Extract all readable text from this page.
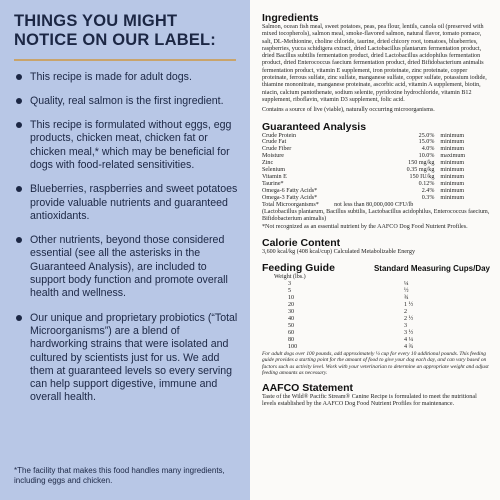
THINGS YOU MIGHT
NOTICE ON OUR LABEL:
This recipe is made for adult dogs.
Quality, real salmon is the first ingredient.
This recipe is formulated without eggs, egg products, chicken meat, chicken fat or chicken meal,* which may be beneficial for dogs with food-related sensitivities.
Blueberries, raspberries and sweet potatoes provide valuable nutrients and guaranteed antioxidants.
Other nutrients, beyond those considered essential (see all the asterisks in the Guaranteed Analysis), are included to support body function and promote overall health and wellness.
Our unique and proprietary probiotics (“Total Microorganisms”) are a blend of hardworking strains that were isolated and cultured by scientists just for us. We add them at guaranteed levels so every serving can help support digestive, immune and overall health.
*The facility that makes this food handles many ingredients, including eggs and chicken.
Ingredients
Salmon, ocean fish meal, sweet potatoes, peas, pea flour, lentils, canola oil (preserved with mixed tocopherols), salmon meal, smoke-flavored salmon, natural flavor, tomato pomace, salt, DL-Methionine, choline chloride, taurine, dried chicory root, tomatoes, blueberries, raspberries, yucca schidigera extract, dried Lactobacillus plantarum fermentation product, dried Bacillus subtilis fermentation product, dried Lactobacillus acidophilus fermentation product, dried Enterococcus faecium fermentation product, dried Bifidobacterium animalis fermentation product, vitamin E supplement, iron proteinate, zinc proteinate, copper proteinate, ferrous sulfate, zinc sulfate, manganese sulfate, copper sulfate, potassium iodide, thiamine mononitrate, manganese proteinate, ascorbic acid, vitamin A supplement, biotin, niacin, calcium pantothenate, sodium selenite, pyridoxine hydrochloride, vitamin B12 supplement, riboflavin, vitamin D3 supplement, folic acid.
Contains a source of live (viable), naturally occurring microorganisms.
Guaranteed Analysis
Crude Protein	25.0%	minimum
Crude Fat	15.0%	minimum
Crude Fiber	4.0%	minimum
Moisture	10.0%	maximum
Zinc	150 mg/kg	minimum
Selenium	0.35 mg/kg	minimum
Vitamin E	150 IU/kg	minimum
Taurine*	0.12%	minimum
Omega-6 Fatty Acids*	2.4%	minimum
Omega-3 Fatty Acids*	0.3%	minimum
Total Microorganisms*          not less than 80,000,000 CFU/lb
(Lactobacillus plantarum, Bacillus subtilis, Lactobacillus acidophilus, Enterococcus faecium, Bifidobacterium animalis)
*Not recognized as an essential nutrient by the AAFCO Dog Food Nutrient Profiles.
Calorie Content
3,600 kcal/kg (408 kcal/cup) Calculated Metabolizable Energy
Feeding Guide	Standard Measuring Cups/Day
Weight (lbs.)	
3	¼
5	½
10	¾
20	1 ½
30	2
40	2 ½
50	3
60	3 ½
80	4 ¼
100	4 ¾
For adult dogs over 100 pounds, add approximately ¼ cup for every 10 additional pounds. This feeding guide provides a starting point for the amount of food to give your dog each day, and can vary based on factors such as activity level. Work with your veterinarian to determine an appropriate weight and adjust feeding amounts as necessary.
AAFCO Statement
Taste of the Wild® Pacific Stream® Canine Recipe is formulated to meet the nutritional levels established by the AAFCO Dog Food Nutrient Profiles for maintenance.
